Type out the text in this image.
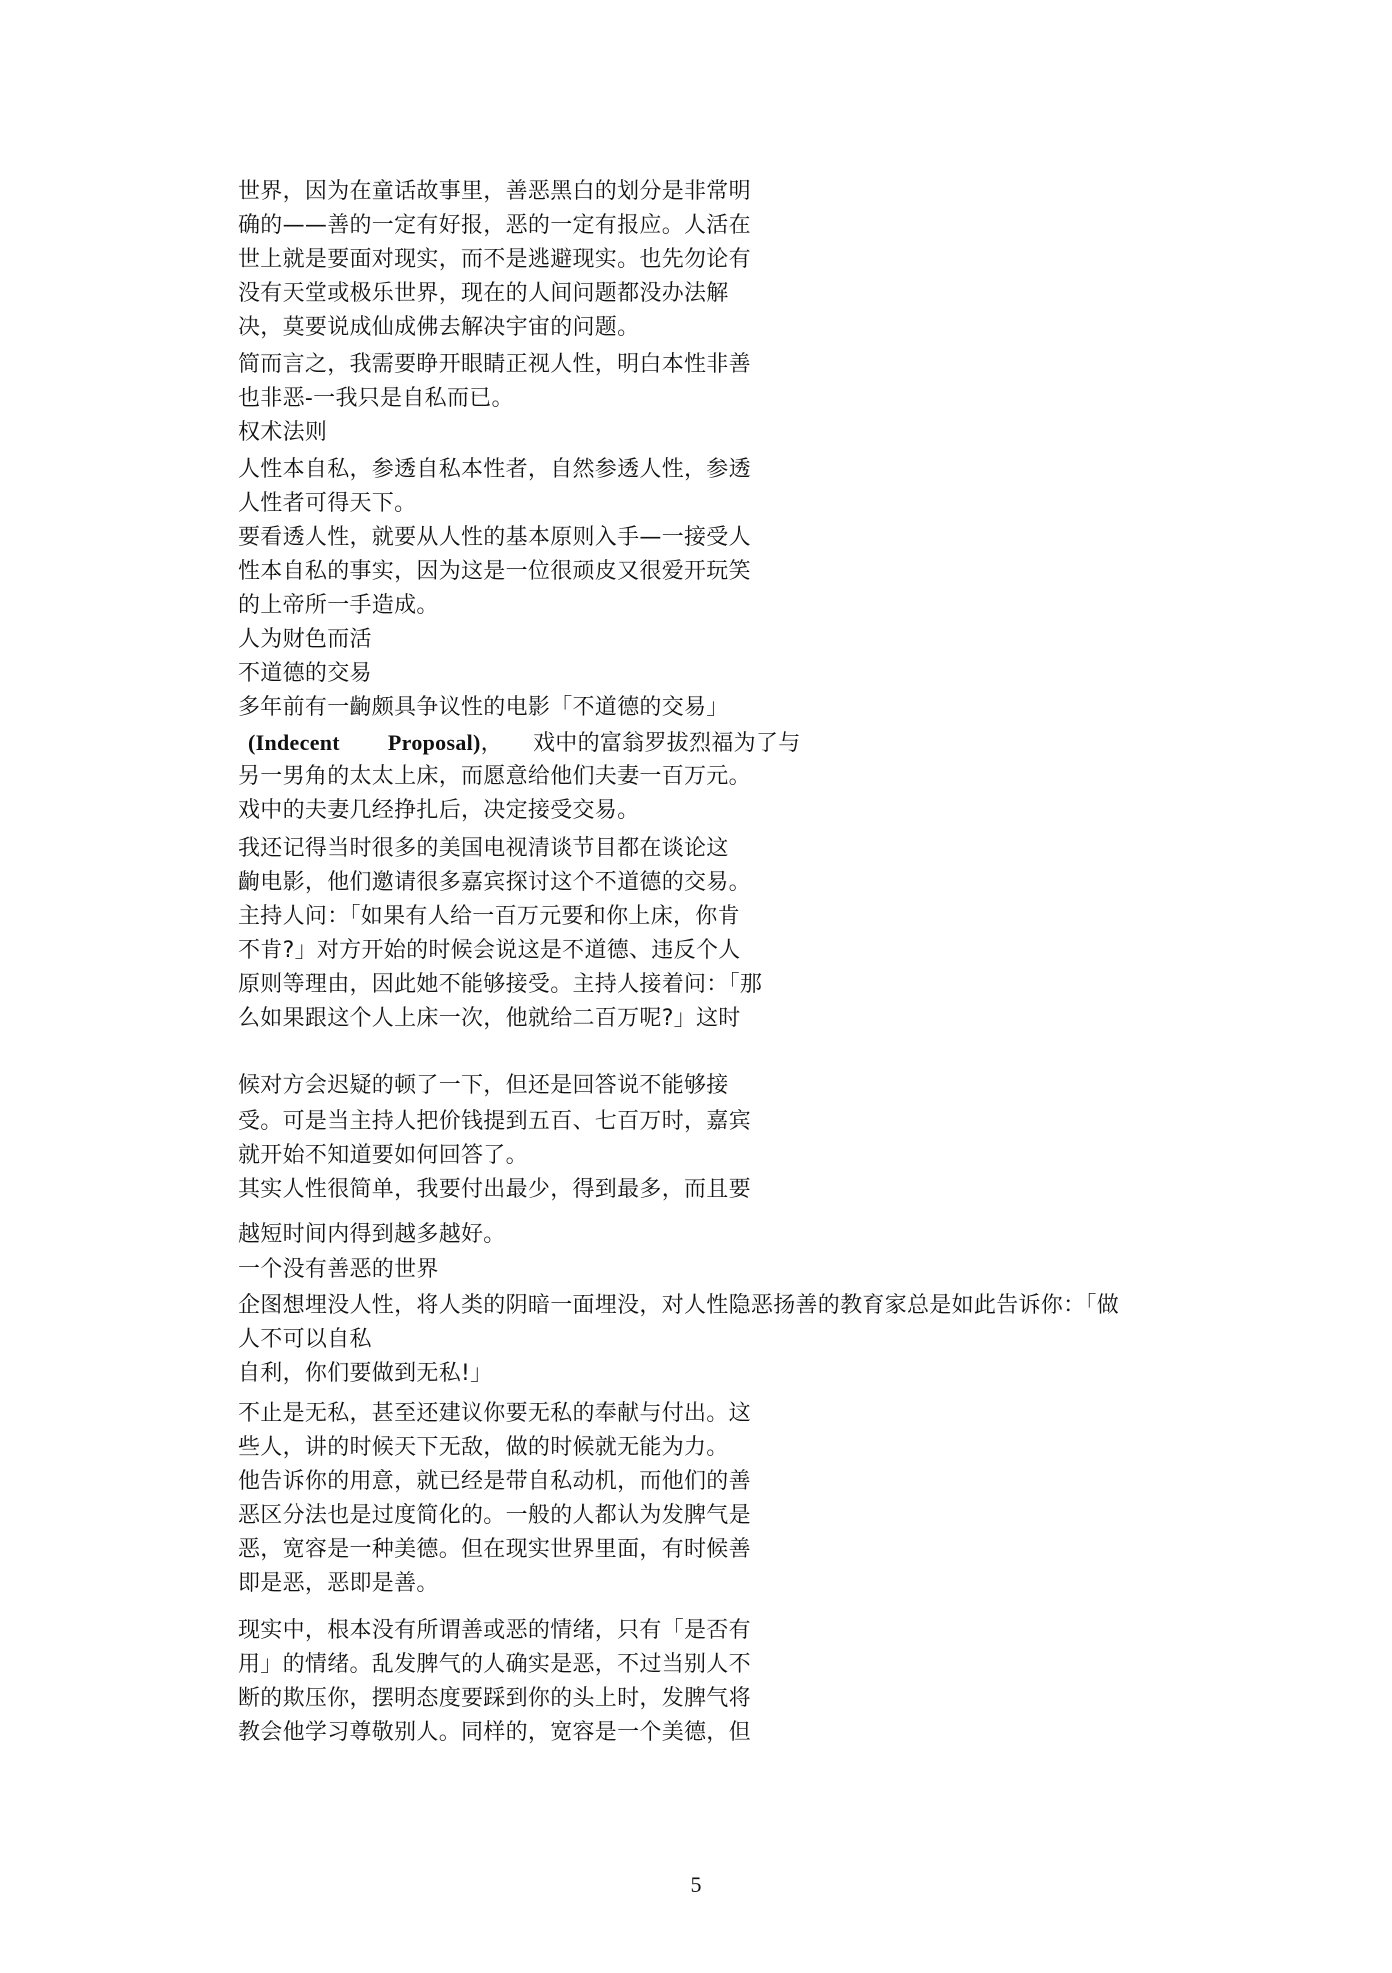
世界，因为在童话故事里，善恶黑白的划分是非常明
确的——善的一定有好报，恶的一定有报应。人活在
世上就是要面对现实，而不是逃避现实。也先勿论有
没有天堂或极乐世界，现在的人间问题都没办法解
决，莫要说成仙成佛去解决宇宙的问题。
简而言之，我需要睁开眼睛正视人性，明白本性非善
也非恶-一我只是自私而已。
权术法则
人性本自私，参透自私本性者，自然参透人性，参透
人性者可得天下。
要看透人性，就要从人性的基本原则入手—一接受人
性本自私的事实，因为这是一位很顽皮又很爱开玩笑
的上帝所一手造成。
人为财色而活
不道德的交易
多年前有一齣颇具争议性的电影「不道德的交易」
(Indecent Proposal)， 戏中的富翁罗拔烈福为了与
另一男角的太太上床，而愿意给他们夫妻一百万元。
戏中的夫妻几经挣扎后，决定接受交易。
我还记得当时很多的美国电视清谈节目都在谈论这
齣电影，他们邀请很多嘉宾探讨这个不道德的交易。
主持人问：「如果有人给一百万元要和你上床，你肯
不肯?」对方开始的时候会说这是不道德、违反个人
原则等理由，因此她不能够接受。主持人接着问：「那
么如果跟这个人上床一次，他就给二百万呢?」这时
候对方会迟疑的顿了一下，但还是回答说不能够接
受。可是当主持人把价钱提到五百、七百万时，嘉宾
就开始不知道要如何回答了。
其实人性很简单，我要付出最少，得到最多，而且要
越短时间内得到越多越好。
一个没有善恶的世界
企图想埋没人性，将人类的阴暗一面埋没，对人性隐恶扬善的教育家总是如此告诉你：「做
人不可以自私
自利，你们要做到无私!」
不止是无私，甚至还建议你要无私的奉献与付出。这
些人，讲的时候天下无敌，做的时候就无能为力。
他告诉你的用意，就已经是带自私动机，而他们的善
恶区分法也是过度简化的。一般的人都认为发脾气是
恶，宽容是一种美德。但在现实世界里面，有时候善
即是恶，恶即是善。
现实中，根本没有所谓善或恶的情绪，只有「是否有
用」的情绪。乱发脾气的人确实是恶，不过当别人不
断的欺压你，摆明态度要踩到你的头上时，发脾气将
教会他学习尊敬别人。同样的，宽容是一个美德，但
5
